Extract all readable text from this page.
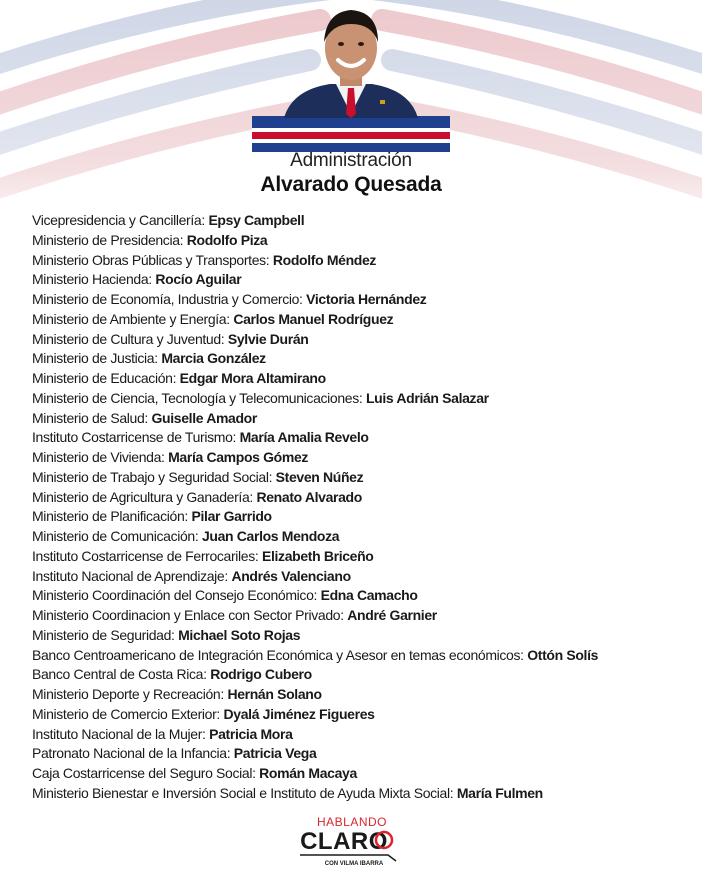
Administración
Alvarado Quesada
Vicepresidencia y Cancillería: Epsy Campbell
Ministerio de Presidencia: Rodolfo Piza
Ministerio Obras Públicas y Transportes: Rodolfo Méndez
Ministerio Hacienda: Rocío Aguilar
Ministerio de Economía, Industria y Comercio: Victoria Hernández
Ministerio de Ambiente y Energía: Carlos Manuel Rodríguez
Ministerio de Cultura y Juventud: Sylvie Durán
Ministerio de Justicia: Marcia González
Ministerio de Educación: Edgar Mora Altamirano
Ministerio de Ciencia, Tecnología y Telecomunicaciones: Luis Adrián Salazar
Ministerio de Salud: Guiselle Amador
Instituto Costarricense de Turismo: María Amalia Revelo
Ministerio de Vivienda: María Campos Gómez
Ministerio de Trabajo y Seguridad Social: Steven Núñez
Ministerio de Agricultura y Ganadería: Renato Alvarado
Ministerio de Planificación: Pilar Garrido
Ministerio de Comunicación: Juan Carlos Mendoza
Instituto Costarricense de Ferrocariles: Elizabeth Briceño
Instituto Nacional de Aprendizaje: Andrés Valenciano
Ministerio Coordinación del Consejo Económico: Edna Camacho
Ministerio Coordinacion y Enlace con Sector Privado: André Garnier
Ministerio de Seguridad: Michael Soto Rojas
Banco Centroamericano de Integración Económica y Asesor en temas económicos: Ottón Solís
Banco Central de Costa Rica: Rodrigo Cubero
Ministerio Deporte y Recreación: Hernán Solano
Ministerio de Comercio Exterior: Dyalá Jiménez Figueres
Instituto Nacional de la Mujer: Patricia Mora
Patronato Nacional de la Infancia: Patricia Vega
Caja Costarricense del Seguro Social: Román Macaya
Ministerio Bienestar e Inversión Social e Instituto de Ayuda Mixta Social: María Fulmen
HABLANDO
CLARO
CON VILMA IBARRA
